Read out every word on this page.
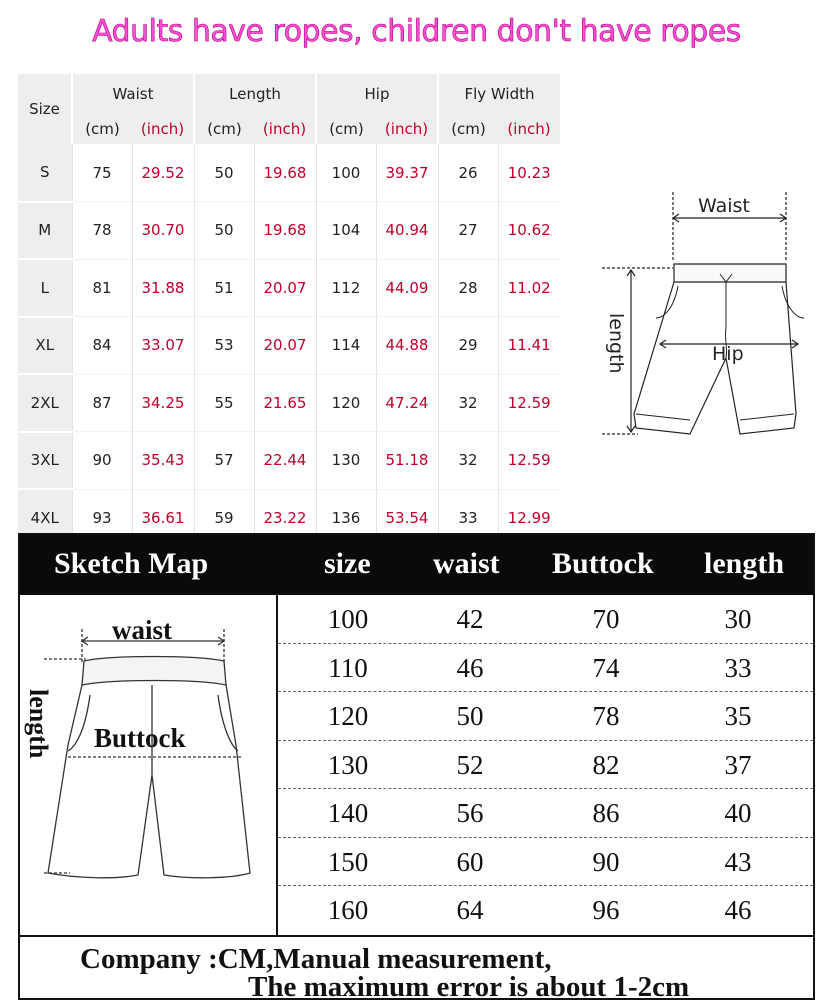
Adults have ropes, children don't have ropes
Size	Waist		Length		Hip		Fly Width	
	(cm)	(inch)	(cm)	(inch)	(cm)	(inch)	(cm)	(inch)
S	75	29.52	50	19.68	100	39.37	26	10.23
M	78	30.70	50	19.68	104	40.94	27	10.62
L	81	31.88	51	20.07	112	44.09	28	11.02
XL	84	33.07	53	20.07	114	44.88	29	11.41
2XL	87	34.25	55	21.65	120	47.24	32	12.59
3XL	90	35.43	57	22.44	130	51.18	32	12.59
4XL	93	36.61	59	23.22	136	53.54	33	12.99
Waist
Hip
length
Sketch Map	size waist Buttock length
waist
Buttock
length
100	42	70	30
110	46	74	33
120	50	78	35
130	52	82	37
140	56	86	40
150	60	90	43
160	64	96	46
Company :CM,Manual measurement,
The maximum error is about 1-2cm
